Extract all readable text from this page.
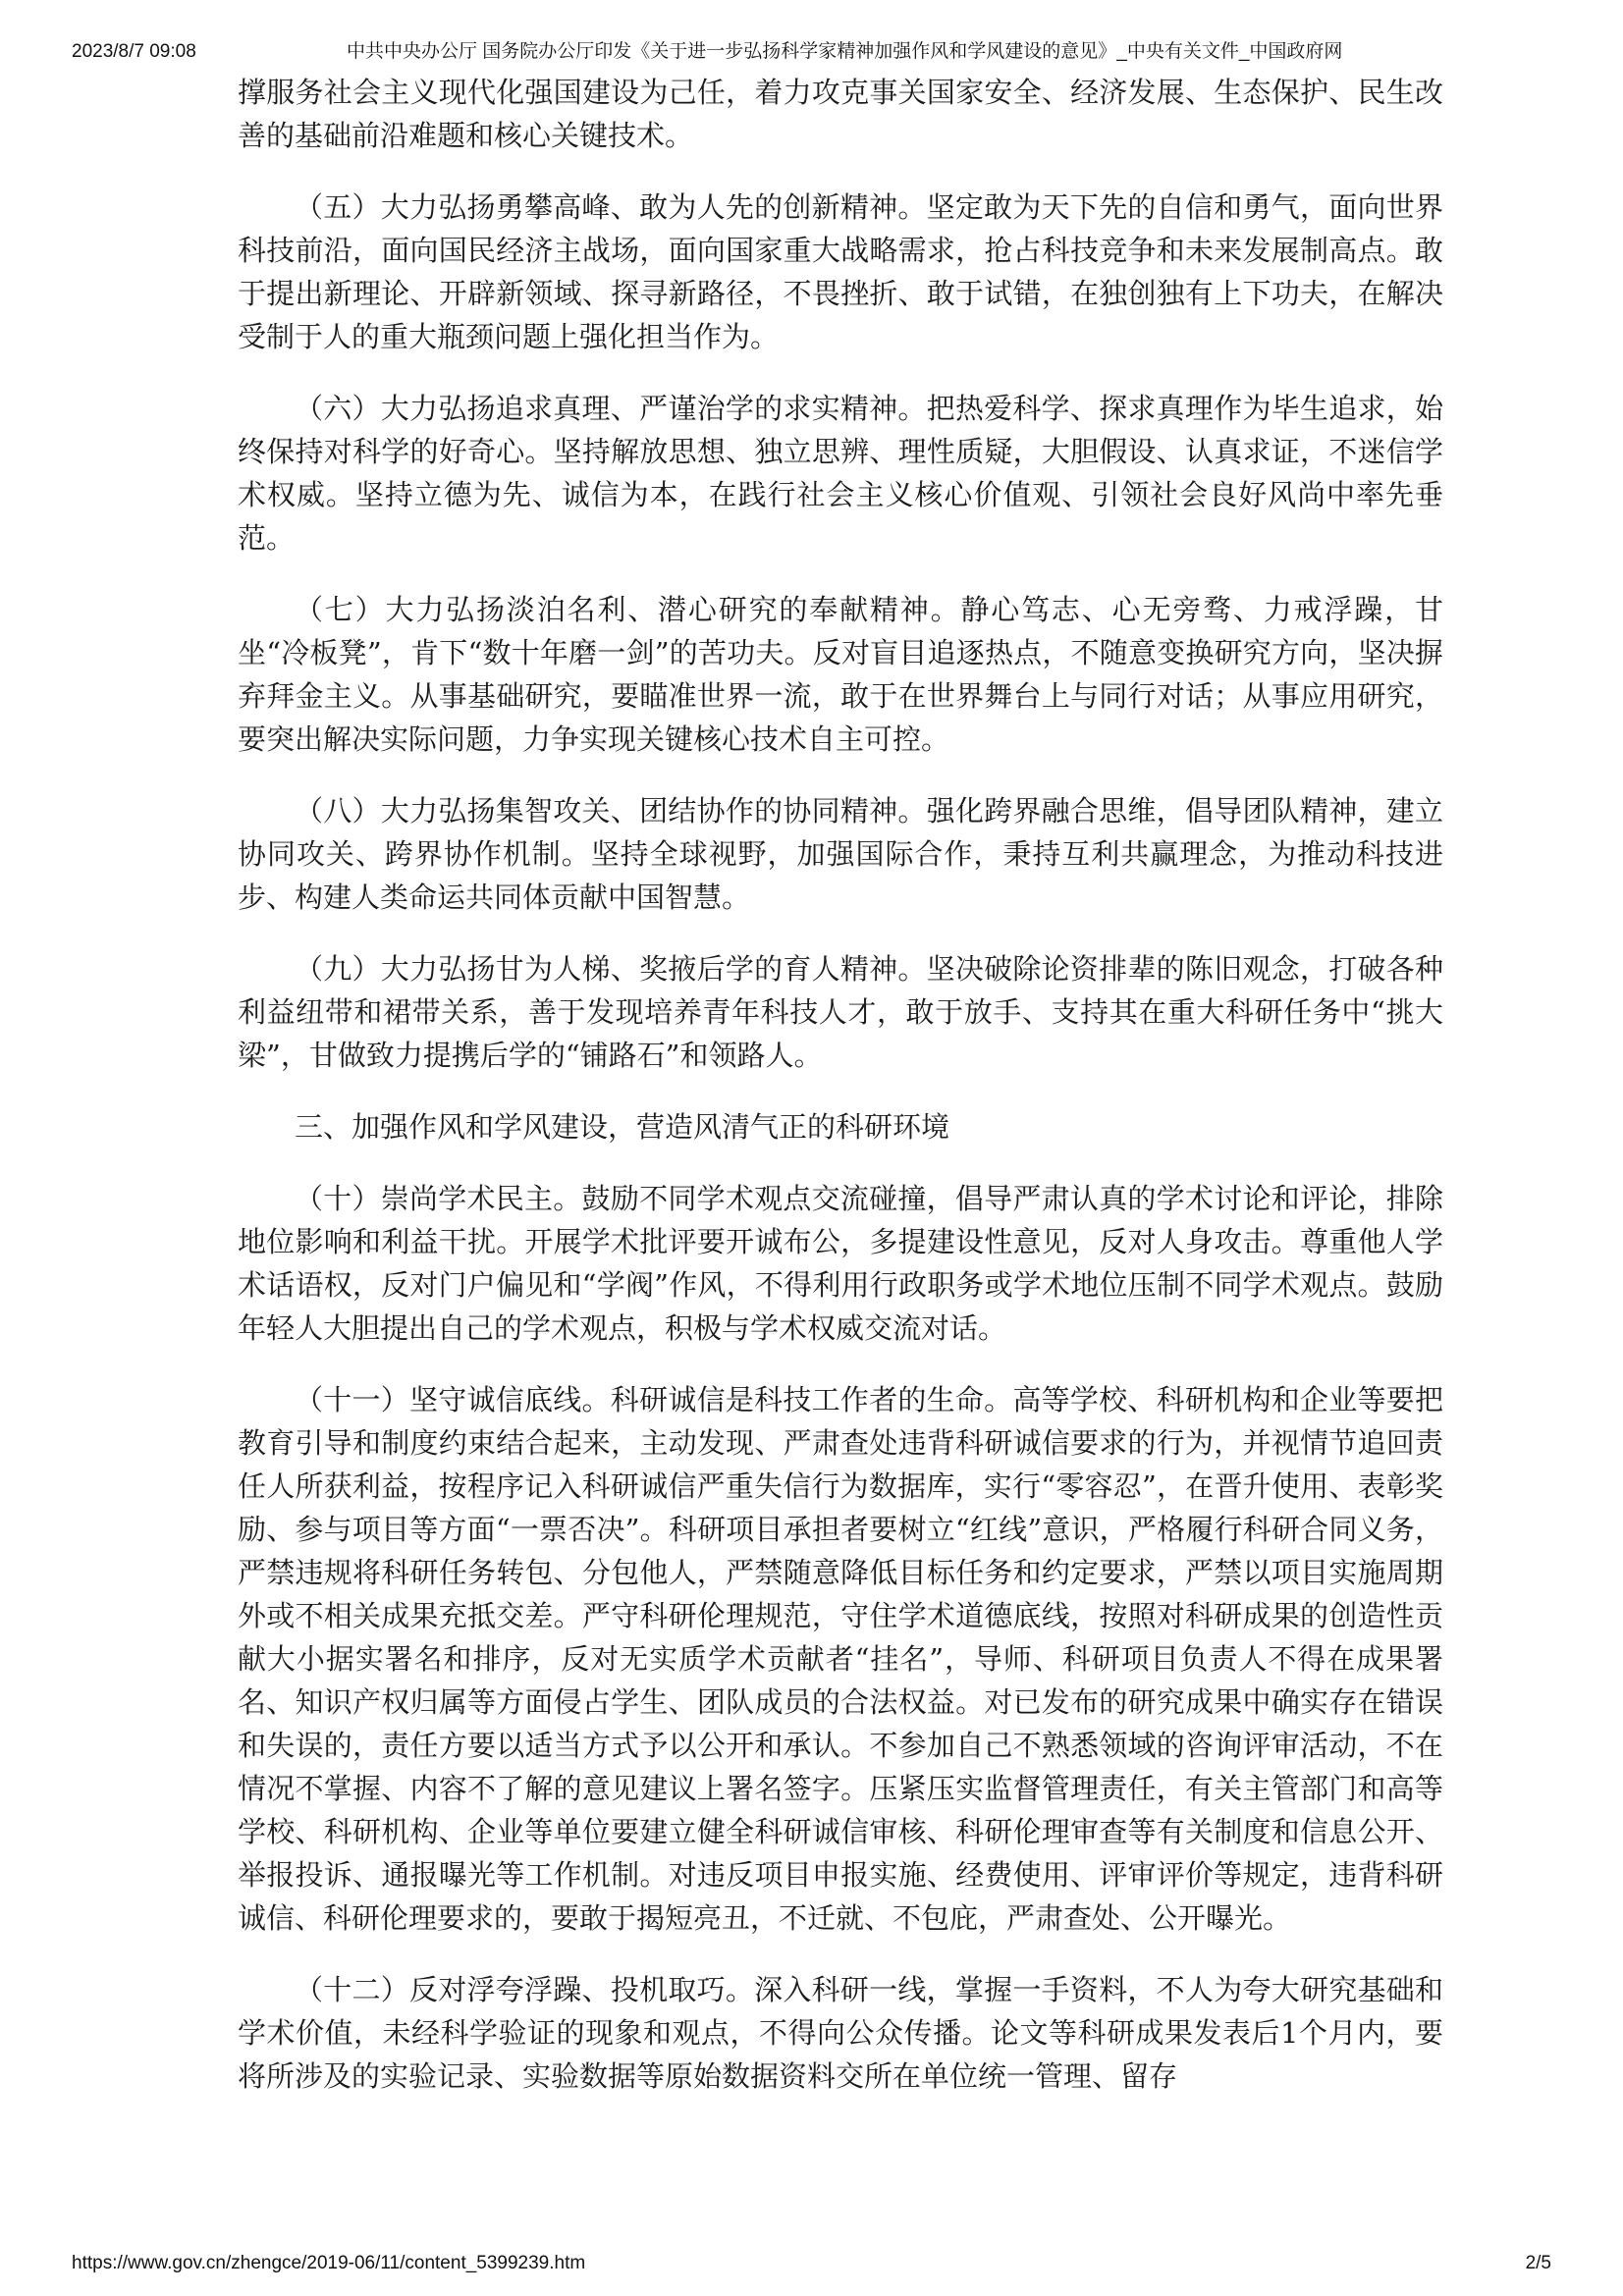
2023/8/7 09:08	中共中央办公厅 国务院办公厅印发《关于进一步弘扬科学家精神加强作风和学风建设的意见》_中央有关文件_中国政府网

撑服务社会主义现代化强国建设为己任，着力攻克事关国家安全、经济发展、生态保护、民生改善的基础前沿难题和核心关键技术。

（五）大力弘扬勇攀高峰、敢为人先的创新精神。坚定敢为天下先的自信和勇气，面向世界科技前沿，面向国民经济主战场，面向国家重大战略需求，抢占科技竞争和未来发展制高点。敢于提出新理论、开辟新领域、探寻新路径，不畏挫折、敢于试错，在独创独有上下功夫，在解决受制于人的重大瓶颈问题上强化担当作为。

（六）大力弘扬追求真理、严谨治学的求实精神。把热爱科学、探求真理作为毕生追求，始终保持对科学的好奇心。坚持解放思想、独立思辨、理性质疑，大胆假设、认真求证，不迷信学术权威。坚持立德为先、诚信为本，在践行社会主义核心价值观、引领社会良好风尚中率先垂范。

（七）大力弘扬淡泊名利、潜心研究的奉献精神。静心笃志、心无旁骛、力戒浮躁，甘坐“冷板凳”，肯下“数十年磨一剑”的苦功夫。反对盲目追逐热点，不随意变换研究方向，坚决摒弃拜金主义。从事基础研究，要瞄准世界一流，敢于在世界舞台上与同行对话；从事应用研究，要突出解决实际问题，力争实现关键核心技术自主可控。

（八）大力弘扬集智攻关、团结协作的协同精神。强化跨界融合思维，倡导团队精神，建立协同攻关、跨界协作机制。坚持全球视野，加强国际合作，秉持互利共赢理念，为推动科技进步、构建人类命运共同体贡献中国智慧。

（九）大力弘扬甘为人梯、奖掖后学的育人精神。坚决破除论资排辈的陈旧观念，打破各种利益纽带和裙带关系，善于发现培养青年科技人才，敢于放手、支持其在重大科研任务中“挑大梁”，甘做致力提携后学的“铺路石”和领路人。

三、加强作风和学风建设，营造风清气正的科研环境

（十）崇尚学术民主。鼓励不同学术观点交流碰撞，倡导严肃认真的学术讨论和评论，排除地位影响和利益干扰。开展学术批评要开诚布公，多提建设性意见，反对人身攻击。尊重他人学术话语权，反对门户偏见和“学阀”作风，不得利用行政职务或学术地位压制不同学术观点。鼓励年轻人大胆提出自己的学术观点，积极与学术权威交流对话。

（十一）坚守诚信底线。科研诚信是科技工作者的生命。高等学校、科研机构和企业等要把教育引导和制度约束结合起来，主动发现、严肃查处违背科研诚信要求的行为，并视情节追回责任人所获利益，按程序记入科研诚信严重失信行为数据库，实行“零容忍”，在晋升使用、表彰奖励、参与项目等方面“一票否决”。科研项目承担者要树立“红线”意识，严格履行科研合同义务，严禁违规将科研任务转包、分包他人，严禁随意降低目标任务和约定要求，严禁以项目实施周期外或不相关成果充抵交差。严守科研伦理规范，守住学术道德底线，按照对科研成果的创造性贡献大小据实署名和排序，反对无实质学术贡献者“挂名”，导师、科研项目负责人不得在成果署名、知识产权归属等方面侵占学生、团队成员的合法权益。对已发布的研究成果中确实存在错误和失误的，责任方要以适当方式予以公开和承认。不参加自己不熟悉领域的咨询评审活动，不在情况不掌握、内容不了解的意见建议上署名签字。压紧压实监督管理责任，有关主管部门和高等学校、科研机构、企业等单位要建立健全科研诚信审核、科研伦理审查等有关制度和信息公开、举报投诉、通报曝光等工作机制。对违反项目申报实施、经费使用、评审评价等规定，违背科研诚信、科研伦理要求的，要敢于揭短亮丑，不迁就、不包庇，严肃查处、公开曝光。

（十二）反对浮夸浮躁、投机取巧。深入科研一线，掌握一手资料，不人为夸大研究基础和学术价值，未经科学验证的现象和观点，不得向公众传播。论文等科研成果发表后1个月内，要将所涉及的实验记录、实验数据等原始数据资料交所在单位统一管理、留存

https://www.gov.cn/zhengce/2019-06/11/content_5399239.htm	2/5
